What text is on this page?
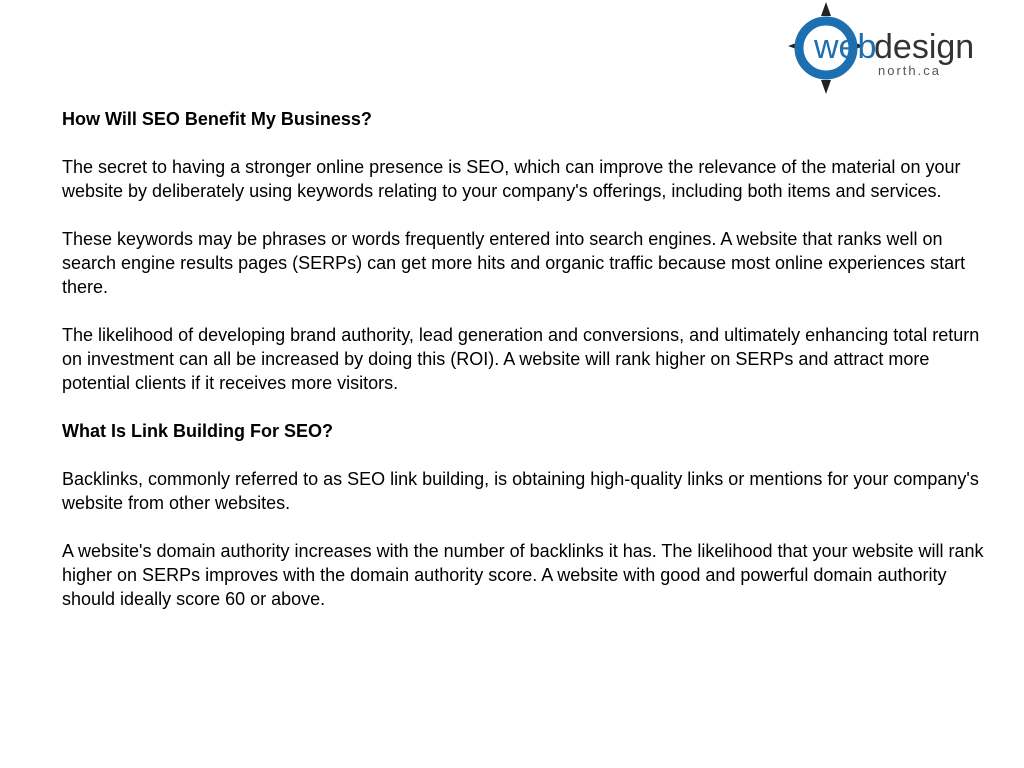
web
design
north.ca
How Will SEO Benefit My Business?
The secret to having a stronger online presence is SEO, which can improve the relevance of the material on your website by deliberately using keywords relating to your company's offerings, including both items and services.
These keywords may be phrases or words frequently entered into search engines. A website that ranks well on search engine results pages (SERPs) can get more hits and organic traffic because most online experiences start there.
The likelihood of developing brand authority, lead generation and conversions, and ultimately enhancing total return on investment can all be increased by doing this (ROI). A website will rank higher on SERPs and attract more potential clients if it receives more visitors.
What Is Link Building For SEO?
Backlinks, commonly referred to as SEO link building, is obtaining high-quality links or mentions for your company's website from other websites.
A website's domain authority increases with the number of backlinks it has. The likelihood that your website will rank higher on SERPs improves with the domain authority score. A website with good and powerful domain authority should ideally score 60 or above.
